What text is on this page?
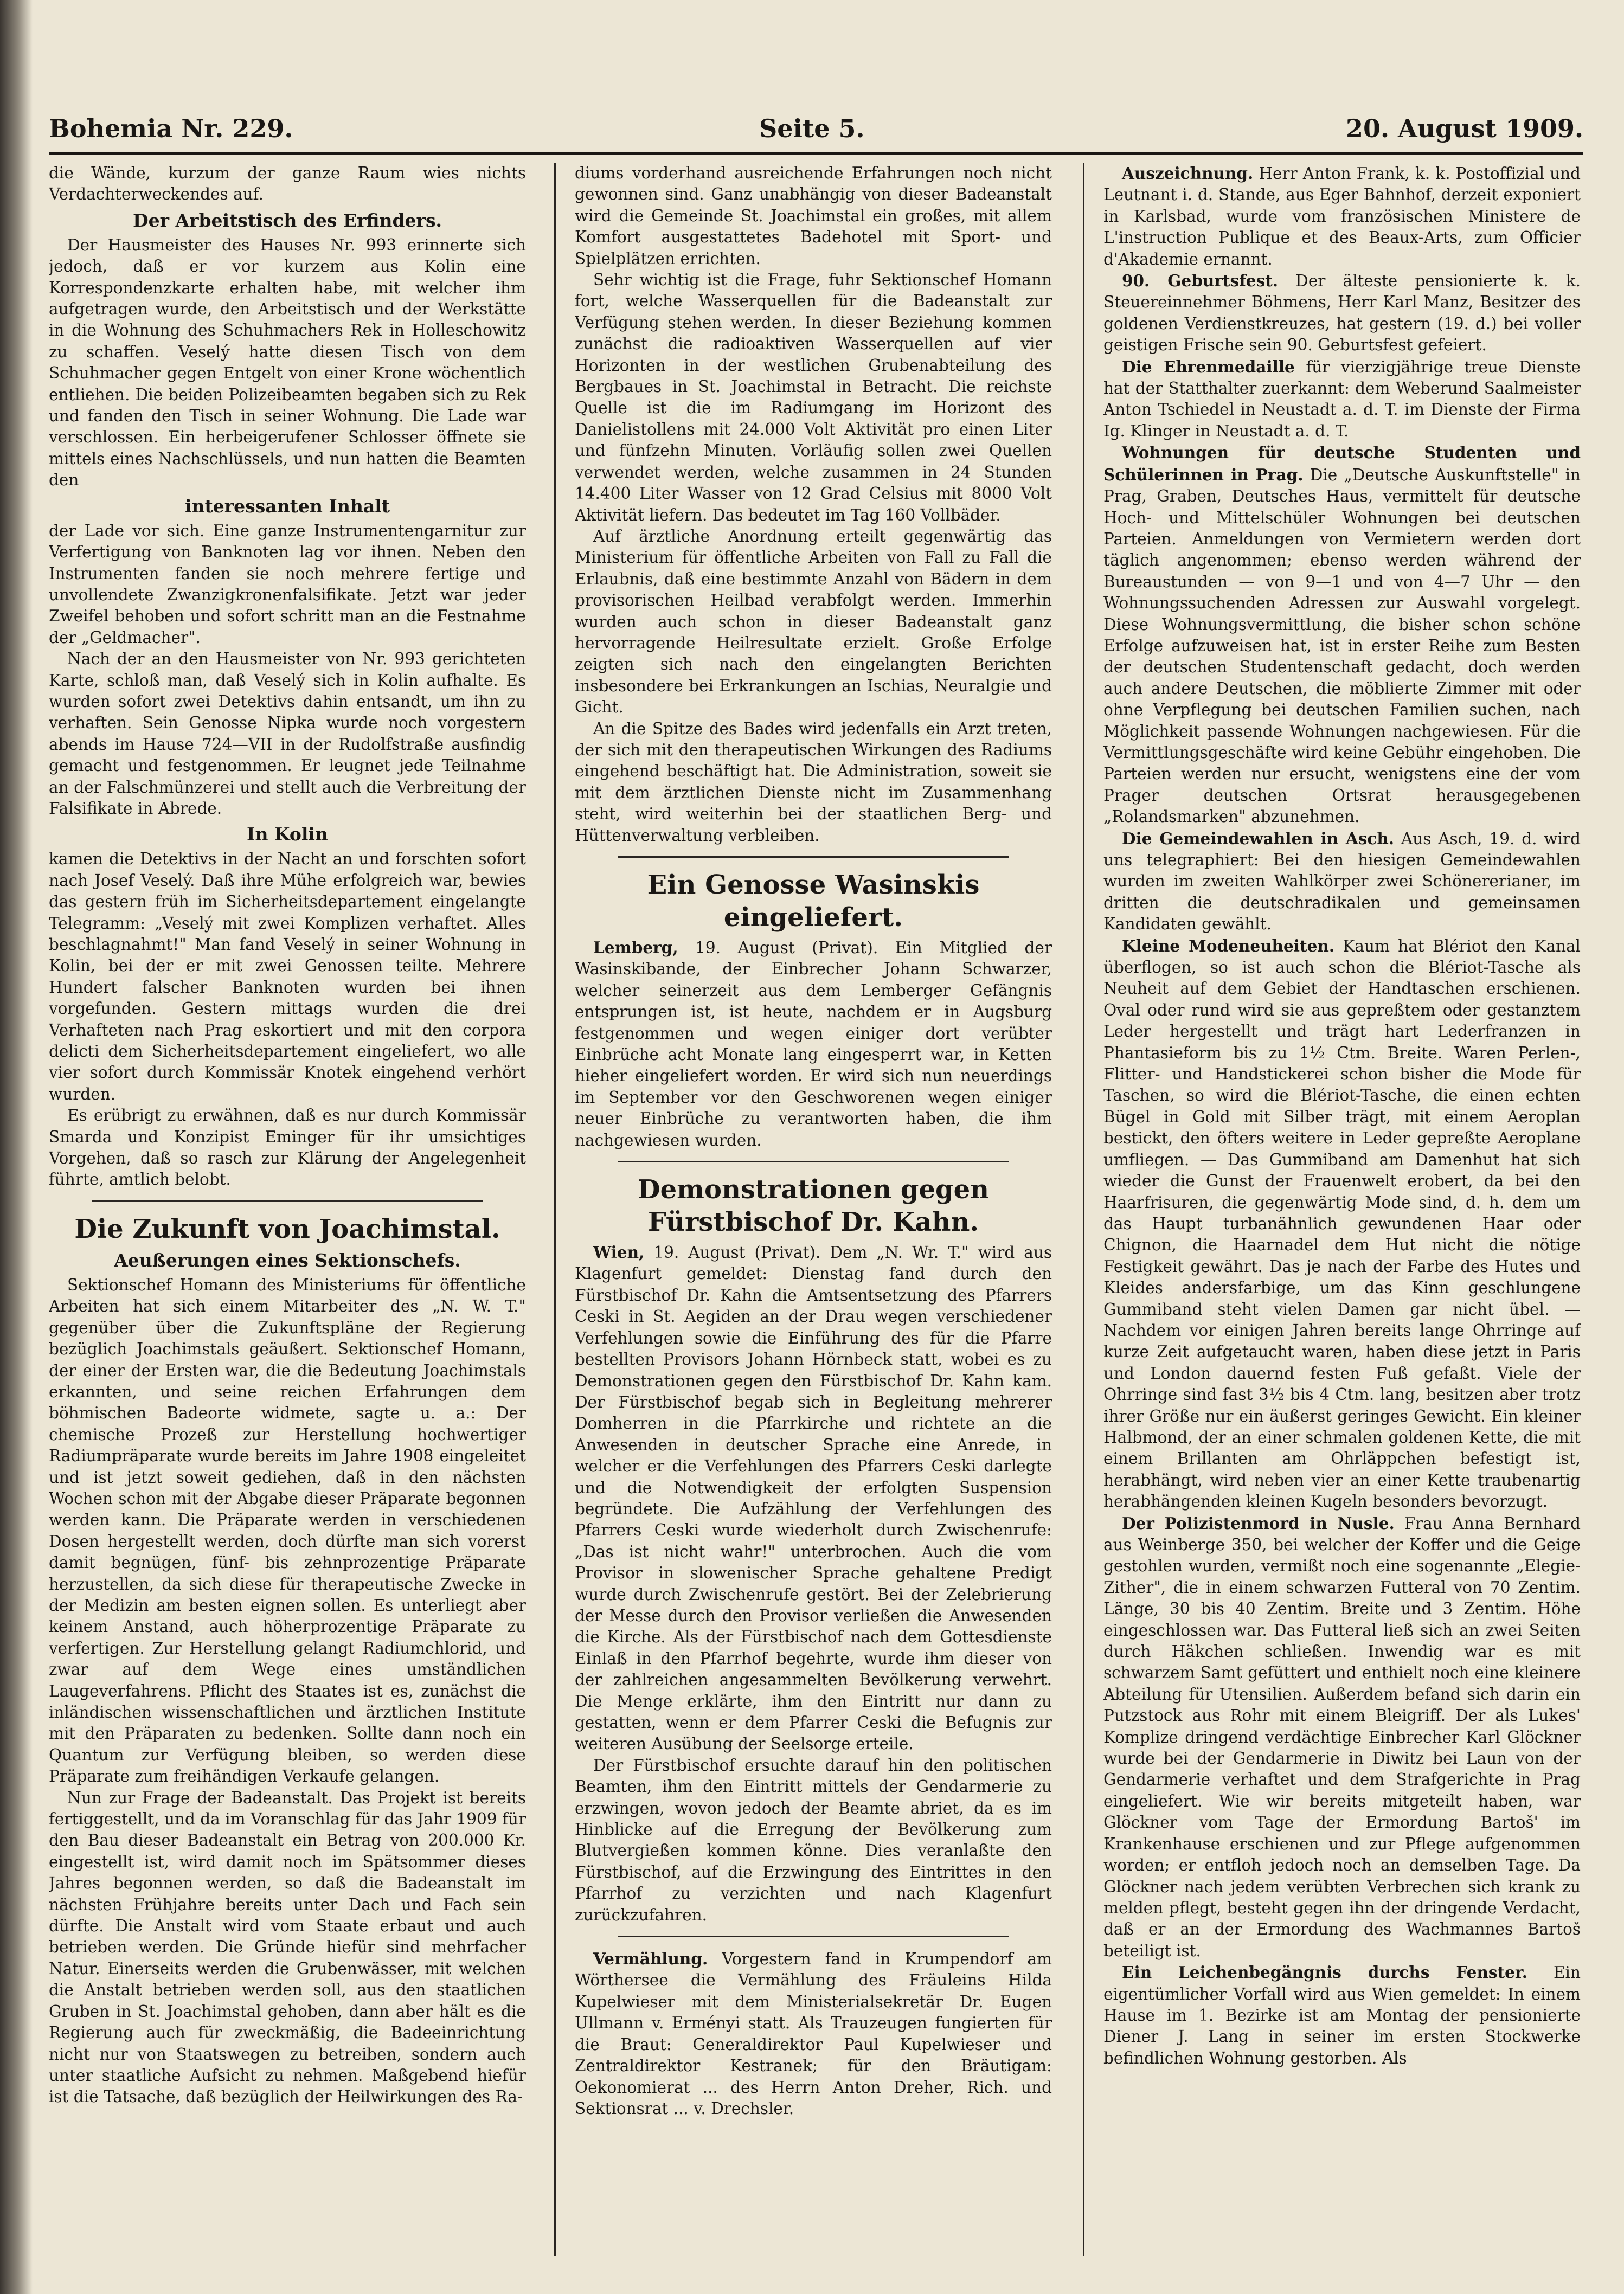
Bohemia Nr. 229.	Seite 5.	20. August 1909.

die Wände, kurzum der ganze Raum wies nichts Verdachterweckendes auf.

Der Arbeitstisch des Erfinders.

Der Hausmeister des Hauses Nr. 993 erinnerte sich jedoch, daß er vor kurzem aus Kolin eine Korrespondenzkarte erhalten habe, mit welcher ihm aufgetragen wurde, den Arbeitstisch und der Werkstätte in die Wohnung des Schuhmachers Rek in Holleschowitz zu schaffen. Veselý hatte diesen Tisch von dem Schuhmacher gegen Entgelt von einer Krone wöchentlich entliehen. Die beiden Polizeibeamten begaben sich zu Rek und fanden den Tisch in seiner Wohnung. Die Lade war verschlossen. Ein herbeigerufener Schlosser öffnete sie mittels eines Nachschlüssels, und nun hatten die Beamten den

interessanten Inhalt

der Lade vor sich. Eine ganze Instrumentengarnitur zur Verfertigung von Banknoten lag vor ihnen. Neben den Instrumenten fanden sie noch mehrere fertige und unvollendete Zwanzigkronenfalsifikate. Jetzt war jeder Zweifel behoben und sofort schritt man an die Festnahme der „Geldmacher".

Nach der an den Hausmeister von Nr. 993 gerichteten Karte, schloß man, daß Veselý sich in Kolin aufhalte. Es wurden sofort zwei Detektivs dahin entsandt, um ihn zu verhaften. Sein Genosse Nipka wurde noch vorgestern abends im Hause 724—VII in der Rudolfstraße ausfindig gemacht und festgenommen. Er leugnet jede Teilnahme an der Falschmünzerei und stellt auch die Verbreitung der Falsifikate in Abrede.

In Kolin

kamen die Detektivs in der Nacht an und forschten sofort nach Josef Veselý. Daß ihre Mühe erfolgreich war, bewies das gestern früh im Sicherheitsdepartement eingelangte Telegramm: „Veselý mit zwei Komplizen verhaftet. Alles beschlagnahmt!" Man fand Veselý in seiner Wohnung in Kolin, bei der er mit zwei Genossen teilte. Mehrere Hundert falscher Banknoten wurden bei ihnen vorgefunden. Gestern mittags wurden die drei Verhafteten nach Prag eskortiert und mit den corpora delicti dem Sicherheitsdepartement eingeliefert, wo alle vier sofort durch Kommissär Knotek eingehend verhört wurden.

Es erübrigt zu erwähnen, daß es nur durch Kommissär Smarda und Konzipist Eminger für ihr umsichtiges Vorgehen, daß so rasch zur Klärung der Angelegenheit führte, amtlich belobt.

Die Zukunft von Joachimstal.
Aeußerungen eines Sektionschefs.

Sektionschef Homann des Ministeriums für öffentliche Arbeiten hat sich einem Mitarbeiter des „N. W. T." gegenüber über die Zukunftspläne der Regierung bezüglich Joachimstals geäußert. Sektionschef Homann, der einer der Ersten war, die die Bedeutung Joachimstals erkannten, und seine reichen Erfahrungen dem böhmischen Badeorte widmete, sagte u. a.: Der chemische Prozeß zur Herstellung hochwertiger Radiumpräparate wurde bereits im Jahre 1908 eingeleitet und ist jetzt soweit gediehen, daß in den nächsten Wochen schon mit der Abgabe dieser Präparate begonnen werden kann. Die Präparate werden in verschiedenen Dosen hergestellt werden, doch dürfte man sich vorerst damit begnügen, fünf- bis zehnprozentige Präparate herzustellen, da sich diese für therapeutische Zwecke in der Medizin am besten eignen sollen. Es unterliegt aber keinem Anstand, auch höherprozentige Präparate zu verfertigen. Zur Herstellung gelangt Radiumchlorid, und zwar auf dem Wege eines umständlichen Laugeverfahrens. Pflicht des Staates ist es, zunächst die inländischen wissenschaftlichen und ärztlichen Institute mit den Präparaten zu bedenken. Sollte dann noch ein Quantum zur Verfügung bleiben, so werden diese Präparate zum freihändigen Verkaufe gelangen.

Nun zur Frage der Badeanstalt. Das Projekt ist bereits fertiggestellt, und da im Voranschlag für das Jahr 1909 für den Bau dieser Badeanstalt ein Betrag von 200.000 Kr. eingestellt ist, wird damit noch im Spätsommer dieses Jahres begonnen werden, so daß die Badeanstalt im nächsten Frühjahre bereits unter Dach und Fach sein dürfte. Die Anstalt wird vom Staate erbaut und auch betrieben werden. Die Gründe hiefür sind mehrfacher Natur. Einerseits werden die Grubenwässer, mit welchen die Anstalt betrieben werden soll, aus den staatlichen Gruben in St. Joachimstal gehoben, dann aber hält es die Regierung auch für zweckmäßig, die Badeeinrichtung nicht nur von Staatswegen zu betreiben, sondern auch unter staatliche Aufsicht zu nehmen. Maßgebend hiefür ist die Tatsache, daß bezüglich der Heilwirkungen des Ra-

diums vorderhand ausreichende Erfahrungen noch nicht gewonnen sind. Ganz unabhängig von dieser Badeanstalt wird die Gemeinde St. Joachimstal ein großes, mit allem Komfort ausgestattetes Badehotel mit Sport- und Spielplätzen errichten.

Sehr wichtig ist die Frage, fuhr Sektionschef Homann fort, welche Wasserquellen für die Badeanstalt zur Verfügung stehen werden. In dieser Beziehung kommen zunächst die radioaktiven Wasserquellen auf vier Horizonten in der westlichen Grubenabteilung des Bergbaues in St. Joachimstal in Betracht. Die reichste Quelle ist die im Radiumgang im Horizont des Danielistollens mit 24.000 Volt Aktivität pro einen Liter und fünfzehn Minuten. Vorläufig sollen zwei Quellen verwendet werden, welche zusammen in 24 Stunden 14.400 Liter Wasser von 12 Grad Celsius mit 8000 Volt Aktivität liefern. Das bedeutet im Tag 160 Vollbäder.

Auf ärztliche Anordnung erteilt gegenwärtig das Ministerium für öffentliche Arbeiten von Fall zu Fall die Erlaubnis, daß eine bestimmte Anzahl von Bädern in dem provisorischen Heilbad verabfolgt werden. Immerhin wurden auch schon in dieser Badeanstalt ganz hervorragende Heilresultate erzielt. Große Erfolge zeigten sich nach den eingelangten Berichten insbesondere bei Erkrankungen an Ischias, Neuralgie und Gicht.

An die Spitze des Bades wird jedenfalls ein Arzt treten, der sich mit den therapeutischen Wirkungen des Radiums eingehend beschäftigt hat. Die Administration, soweit sie mit dem ärztlichen Dienste nicht im Zusammenhang steht, wird weiterhin bei der staatlichen Berg- und Hüttenverwaltung verbleiben.

Ein Genosse Wasinskis eingeliefert.

Lemberg, 19. August (Privat). Ein Mitglied der Wasinskibande, der Einbrecher Johann Schwarzer, welcher seinerzeit aus dem Lemberger Gefängnis entsprungen ist, ist heute, nachdem er in Augsburg festgenommen und wegen einiger dort verübter Einbrüche acht Monate lang eingesperrt war, in Ketten hieher eingeliefert worden. Er wird sich nun neuerdings im September vor den Geschworenen wegen einiger neuer Einbrüche zu verantworten haben, die ihm nachgewiesen wurden.

Demonstrationen gegen Fürstbischof Dr. Kahn.

Wien, 19. August (Privat). Dem „N. Wr. T." wird aus Klagenfurt gemeldet: Dienstag fand durch den Fürstbischof Dr. Kahn die Amtsentsetzung des Pfarrers Ceski in St. Aegiden an der Drau wegen verschiedener Verfehlungen sowie die Einführung des für die Pfarre bestellten Provisors Johann Hörnbeck statt, wobei es zu Demonstrationen gegen den Fürstbischof Dr. Kahn kam. Der Fürstbischof begab sich in Begleitung mehrerer Domherren in die Pfarrkirche und richtete an die Anwesenden in deutscher Sprache eine Anrede, in welcher er die Verfehlungen des Pfarrers Ceski darlegte und die Notwendigkeit der erfolgten Suspension begründete. Die Aufzählung der Verfehlungen des Pfarrers Ceski wurde wiederholt durch Zwischenrufe: „Das ist nicht wahr!" unterbrochen. Auch die vom Provisor in slowenischer Sprache gehaltene Predigt wurde durch Zwischenrufe gestört. Bei der Zelebrierung der Messe durch den Provisor verließen die Anwesenden die Kirche. Als der Fürstbischof nach dem Gottesdienste Einlaß in den Pfarrhof begehrte, wurde ihm dieser von der zahlreichen angesammelten Bevölkerung verwehrt. Die Menge erklärte, ihm den Eintritt nur dann zu gestatten, wenn er dem Pfarrer Ceski die Befugnis zur weiteren Ausübung der Seelsorge erteile.

Der Fürstbischof ersuchte darauf hin den politischen Beamten, ihm den Eintritt mittels der Gendarmerie zu erzwingen, wovon jedoch der Beamte abriet, da es im Hinblicke auf die Erregung der Bevölkerung zum Blutvergießen kommen könne. Dies veranlaßte den Fürstbischof, auf die Erzwingung des Eintrittes in den Pfarrhof zu verzichten und nach Klagenfurt zurückzufahren.

Vermählung. Vorgestern fand in Krumpendorf am Wörthersee die Vermählung des Fräuleins Hilda Kupelwieser mit dem Ministerialsekretär Dr. Eugen Ullmann v. Erményi statt. Als Trauzeugen fungierten für die Braut: Generaldirektor Paul Kupelwieser und Zentraldirektor Kestranek; für den Bräutigam: Oekonomierat ... des Herrn Anton Dreher, Rich. und Sektionsrat ... v. Drechsler.

Auszeichnung. Herr Anton Frank, k. k. Postoffizial und Leutnant i. d. Stande, aus Eger Bahnhof, derzeit exponiert in Karlsbad, wurde vom französischen Ministere de L'instruction Publique et des Beaux-Arts, zum Officier d'Akademie ernannt.

90. Geburtsfest. Der älteste pensionierte k. k. Steuereinnehmer Böhmens, Herr Karl Manz, Besitzer des goldenen Verdienstkreuzes, hat gestern (19. d.) bei voller geistigen Frische sein 90. Geburtsfest gefeiert.

Die Ehrenmedaille für vierzigjährige treue Dienste hat der Statthalter zuerkannt: dem Weberund Saalmeister Anton Tschiedel in Neustadt a. d. T. im Dienste der Firma Ig. Klinger in Neustadt a. d. T.

Wohnungen für deutsche Studenten und Schülerinnen in Prag. Die „Deutsche Auskunftstelle" in Prag, Graben, Deutsches Haus, vermittelt für deutsche Hoch- und Mittelschüler Wohnungen bei deutschen Parteien. Anmeldungen von Vermietern werden dort täglich angenommen; ebenso werden während der Bureaustunden — von 9—1 und von 4—7 Uhr — den Wohnungssuchenden Adressen zur Auswahl vorgelegt. Diese Wohnungsvermittlung, die bisher schon schöne Erfolge aufzuweisen hat, ist in erster Reihe zum Besten der deutschen Studentenschaft gedacht, doch werden auch andere Deutschen, die möblierte Zimmer mit oder ohne Verpflegung bei deutschen Familien suchen, nach Möglichkeit passende Wohnungen nachgewiesen. Für die Vermittlungsgeschäfte wird keine Gebühr eingehoben. Die Parteien werden nur ersucht, wenigstens eine der vom Prager deutschen Ortsrat herausgegebenen „Rolandsmarken" abzunehmen.

Die Gemeindewahlen in Asch. Aus Asch, 19. d. wird uns telegraphiert: Bei den hiesigen Gemeindewahlen wurden im zweiten Wahlkörper zwei Schönererianer, im dritten die deutschradikalen und gemeinsamen Kandidaten gewählt.

Kleine Modeneuheiten. Kaum hat Blériot den Kanal überflogen, so ist auch schon die Blériot-Tasche als Neuheit auf dem Gebiet der Handtaschen erschienen. Oval oder rund wird sie aus gepreßtem oder gestanztem Leder hergestellt und trägt hart Lederfranzen in Phantasieform bis zu 1½ Ctm. Breite. Waren Perlen-, Flitter- und Handstickerei schon bisher die Mode für Taschen, so wird die Blériot-Tasche, die einen echten Bügel in Gold mit Silber trägt, mit einem Aeroplan bestickt, den öfters weitere in Leder gepreßte Aeroplane umfliegen. — Das Gummiband am Damenhut hat sich wieder die Gunst der Frauenwelt erobert, da bei den Haarfrisuren, die gegenwärtig Mode sind, d. h. dem um das Haupt turbanähnlich gewundenen Haar oder Chignon, die Haarnadel dem Hut nicht die nötige Festigkeit gewährt. Das je nach der Farbe des Hutes und Kleides andersfarbige, um das Kinn geschlungene Gummiband steht vielen Damen gar nicht übel. — Nachdem vor einigen Jahren bereits lange Ohrringe auf kurze Zeit aufgetaucht waren, haben diese jetzt in Paris und London dauernd festen Fuß gefaßt. Viele der Ohrringe sind fast 3½ bis 4 Ctm. lang, besitzen aber trotz ihrer Größe nur ein äußerst geringes Gewicht. Ein kleiner Halbmond, der an einer schmalen goldenen Kette, die mit einem Brillanten am Ohrläppchen befestigt ist, herabhängt, wird neben vier an einer Kette traubenartig herabhängenden kleinen Kugeln besonders bevorzugt.

Der Polizistenmord in Nusle. Frau Anna Bernhard aus Weinberge 350, bei welcher der Koffer und die Geige gestohlen wurden, vermißt noch eine sogenannte „Elegie-Zither", die in einem schwarzen Futteral von 70 Zentim. Länge, 30 bis 40 Zentim. Breite und 3 Zentim. Höhe eingeschlossen war. Das Futteral ließ sich an zwei Seiten durch Häkchen schließen. Inwendig war es mit schwarzem Samt gefüttert und enthielt noch eine kleinere Abteilung für Utensilien. Außerdem befand sich darin ein Putzstock aus Rohr mit einem Bleigriff. Der als Lukes' Komplize dringend verdächtige Einbrecher Karl Glöckner wurde bei der Gendarmerie in Diwitz bei Laun von der Gendarmerie verhaftet und dem Strafgerichte in Prag eingeliefert. Wie wir bereits mitgeteilt haben, war Glöckner vom Tage der Ermordung Bartoš' im Krankenhause erschienen und zur Pflege aufgenommen worden; er entfloh jedoch noch an demselben Tage. Da Glöckner nach jedem verübten Verbrechen sich krank zu melden pflegt, besteht gegen ihn der dringende Verdacht, daß er an der Ermordung des Wachmannes Bartoš beteiligt ist.

Ein Leichenbegängnis durchs Fenster. Ein eigentümlicher Vorfall wird aus Wien gemeldet: In einem Hause im 1. Bezirke ist am Montag der pensionierte Diener J. Lang in seiner im ersten Stockwerke befindlichen Wohnung gestorben. Als
